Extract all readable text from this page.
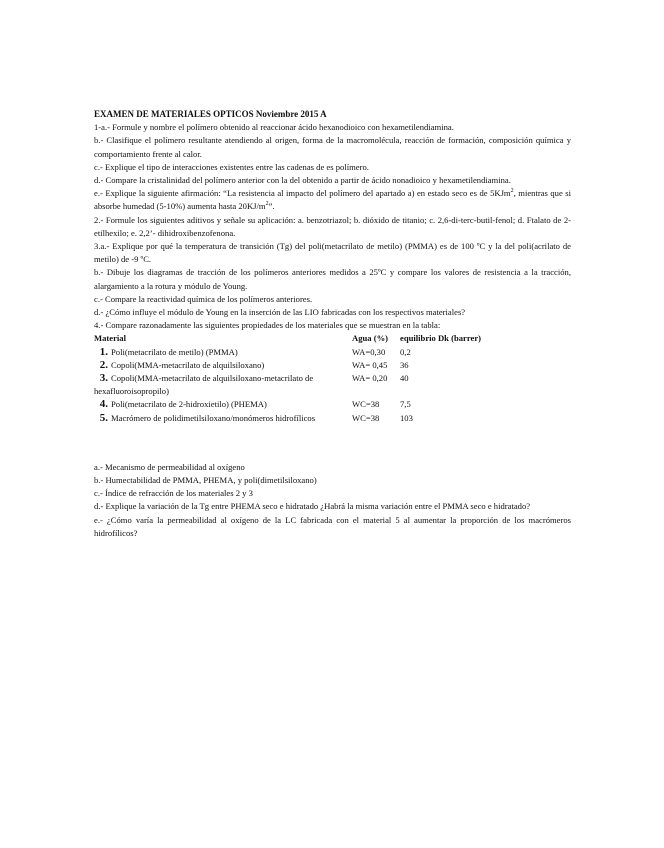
EXAMEN DE MATERIALES OPTICOS Noviembre 2015 A
1-a.- Formule y nombre el polímero obtenido al reaccionar ácido hexanodioico con hexametilendiamina.
b.- Clasifique el polímero resultante atendiendo al origen, forma de la macromolécula, reacción de formación, composición química y comportamiento frente al calor.
c.- Explique el tipo de interacciones existentes entre las cadenas de es polímero.
d.- Compare la cristalinidad del polímero anterior con la del obtenido a partir de ácido nonadioico y hexametilendiamina.
e.- Explique la siguiente afirmación: “La resistencia al impacto del polímero del apartado a) en estado seco es de 5KJm$^2$, mientras que si absorbe humedad (5-10%) aumenta hasta $20KJ/m^2$”.
2.- Formule los siguientes aditivos y señale su aplicación: a. benzotriazol; b. dióxido de titanio; c. 2,6-di-terc-butil-fenol; d. Ftalato de 2-etilhexilo; e. 2,2’- dihidroxibenzofenona.
3.a.- Explique por qué la temperatura de transición (Tg) del poli(metacrilato de metilo) (PMMA) es de 100 ºC y la del poli(acrilato de metilo) de -9 ºC.
b.- Dibuje los diagramas de tracción de los polímeros anteriores medidos a 25ºC y compare los valores de resistencia a la tracción, alargamiento a la rotura y módulo de Young.
c.- Compare la reactividad química de los polímeros anteriores.
d.- ¿Cómo influye el módulo de Young en la inserción de las LIO fabricadas con los respectivos materiales?
4.- Compare razonadamente las siguientes propiedades de los materiales que se muestran en la tabla:
Material	Agua (%)	equilibrio Dk (barrer)
1. Poli(metacrilato de metilo) (PMMA)	WA=0,30	0,2
2. Copoli(MMA-metacrilato de alquilsiloxano)	WA= 0,45	36
3. Copoli(MMA-metacrilato de alquilsiloxano-metacrilato de hexafluoroisopropilo)	WA= 0,20	40
4. Poli(metacrilato de 2-hidroxietilo) (PHEMA)	WC=38	7,5
5. Macrómero de polidimetilsiloxano/monómeros hidrofílicos	WC=38	103
a.- Mecanismo de permeabilidad al oxígeno
b.- Humectabilidad de PMMA, PHEMA, y poli(dimetilsiloxano)
c.- Índice de refracción de los materiales 2 y 3
d.- Explique la variación de la Tg entre PHEMA seco e hidratado ¿Habrá la misma variación entre el PMMA seco e hidratado?
e.- ¿Cómo varía la permeabilidad al oxígeno de la LC fabricada con el material 5 al aumentar la proporción de los macrómeros hidrofílicos?
